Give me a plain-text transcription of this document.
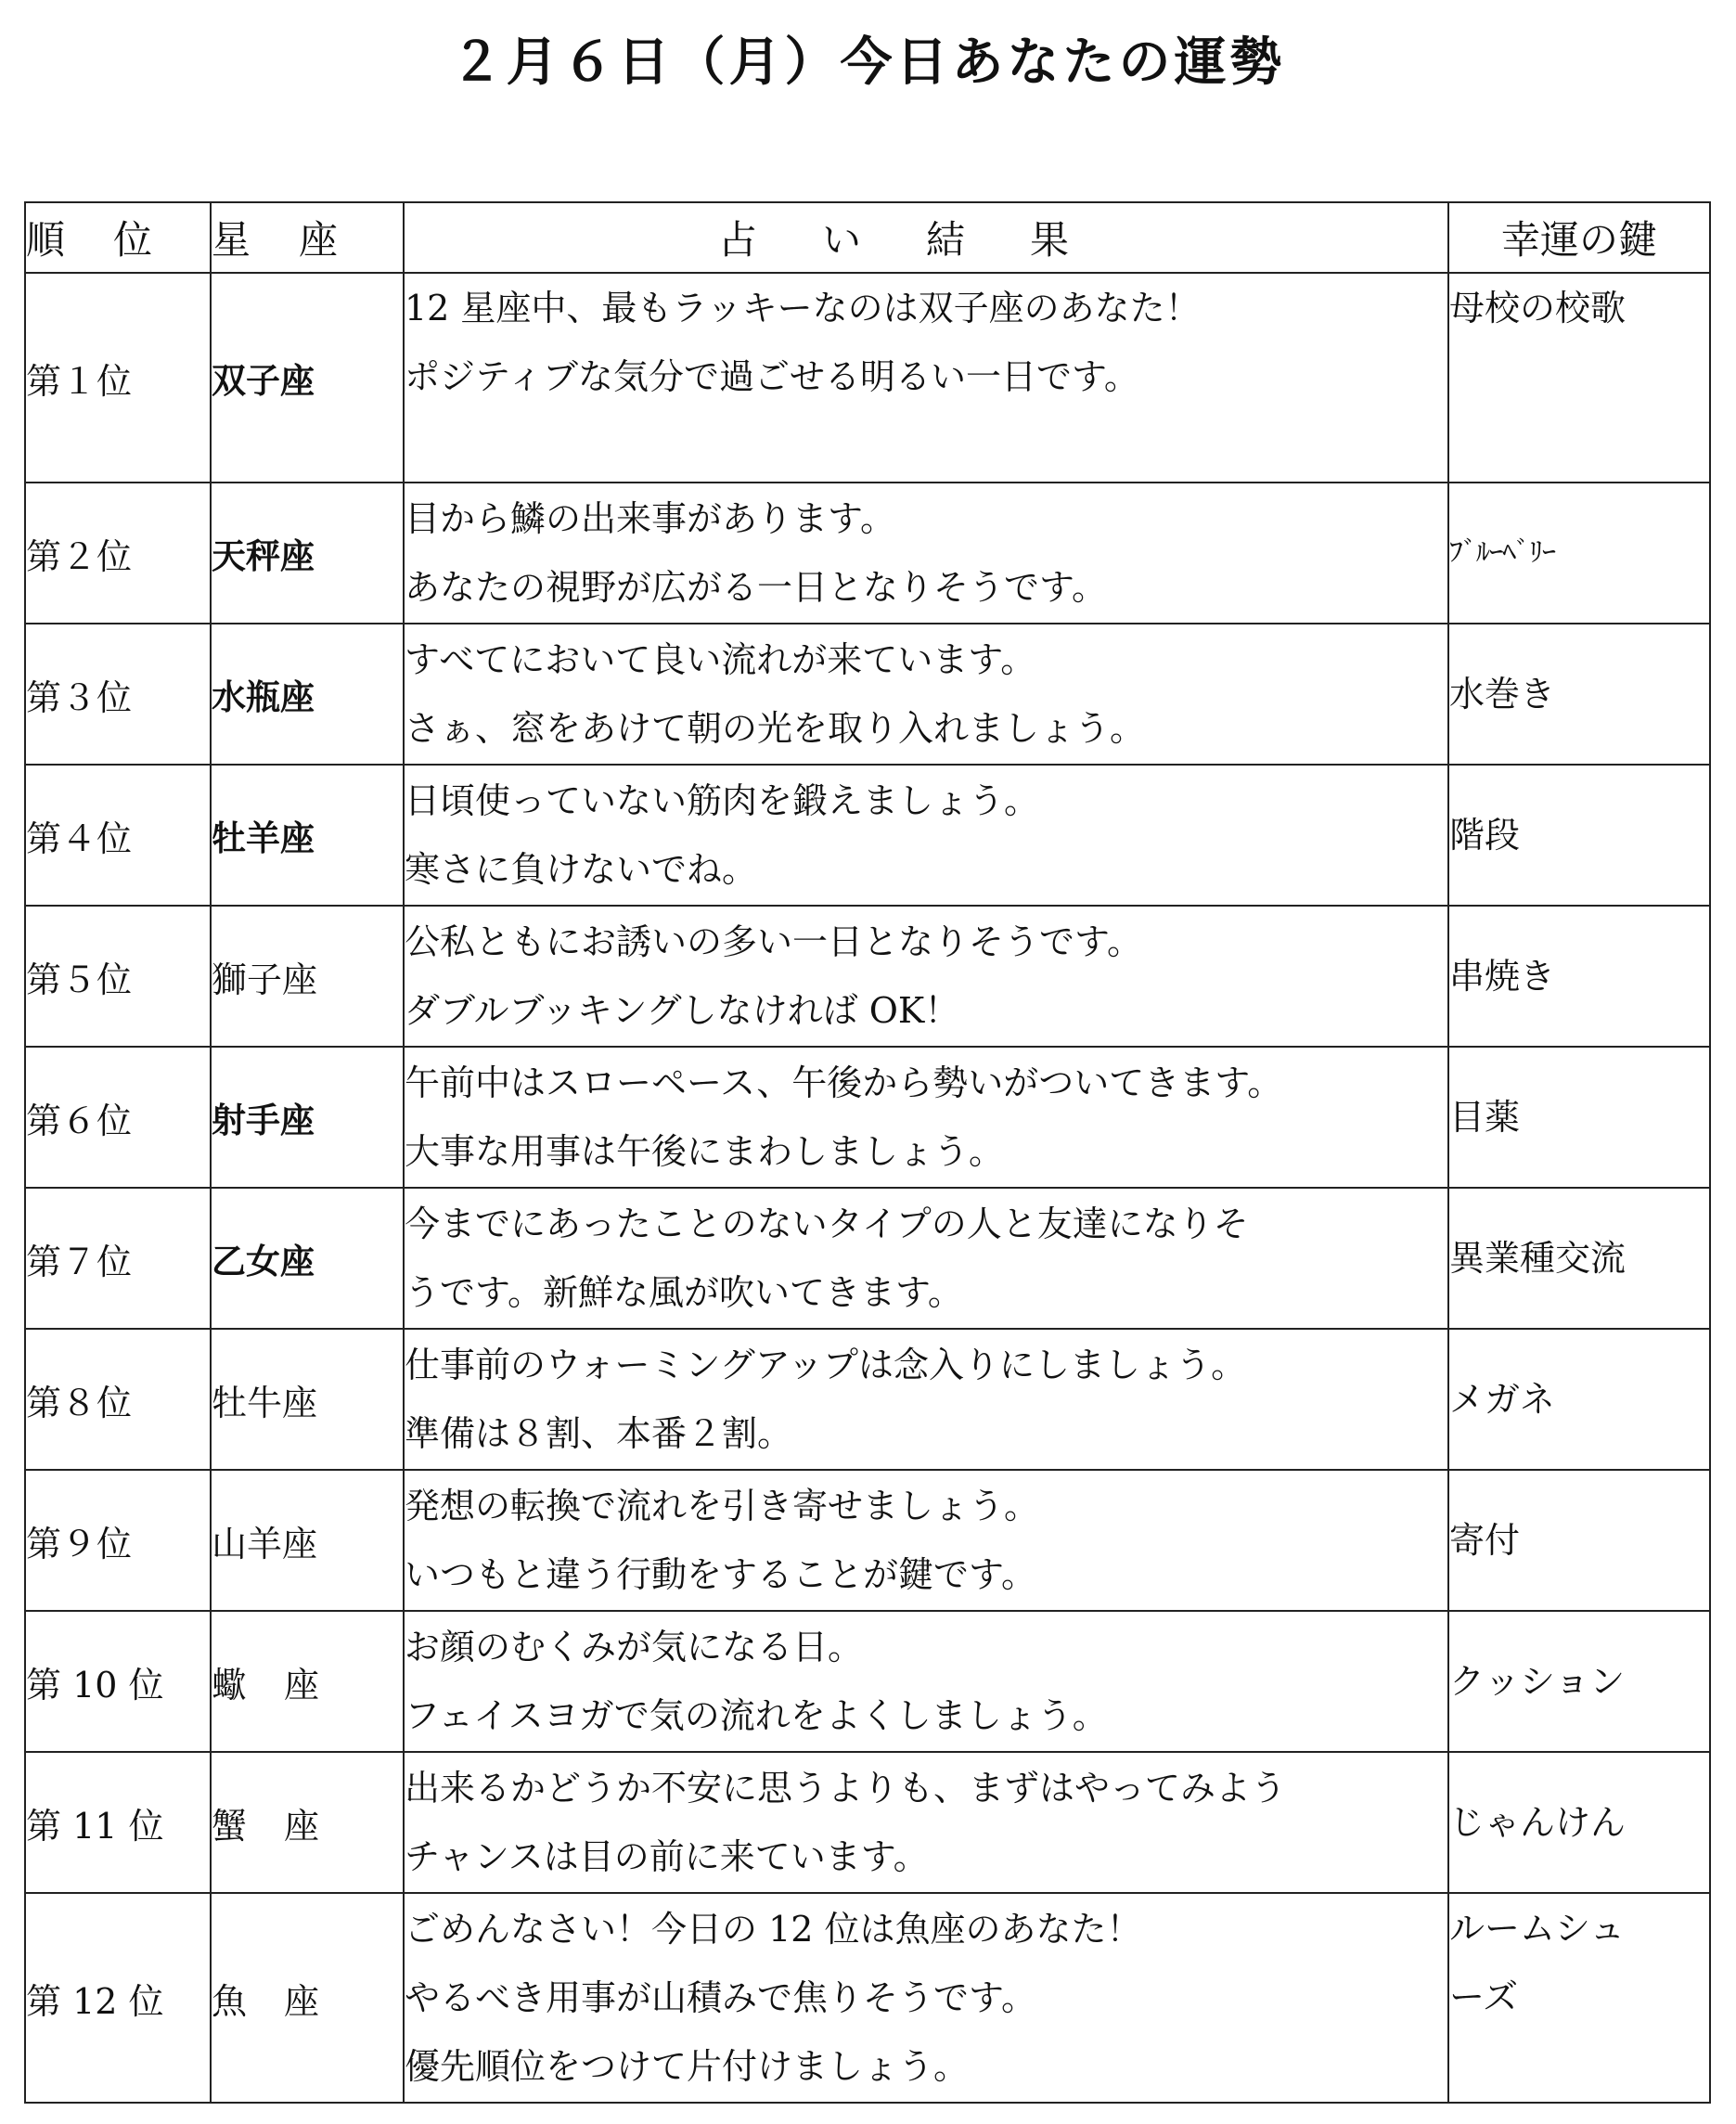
２月６日（月）今日あなたの運勢
順位	星座	占い結果	幸運の鍵
第１位	双子座	12 星座中、最もラッキーなのは双子座のあなた！
ポジティブな気分で過ごせる明るい一日です。	母校の校歌
第２位	天秤座	目から鱗の出来事があります。
あなたの視野が広がる一日となりそうです。	ﾌﾞﾙｰﾍﾞﾘｰ
第３位	水瓶座	すべてにおいて良い流れが来ています。
さぁ、窓をあけて朝の光を取り入れましょう。	水巻き
第４位	牡羊座	日頃使っていない筋肉を鍛えましょう。
寒さに負けないでね。	階段
第５位	獅子座	公私ともにお誘いの多い一日となりそうです。
ダブルブッキングしなければ OK！	串焼き
第６位	射手座	午前中はスローペース、午後から勢いがついてきます。
大事な用事は午後にまわしましょう。	目薬
第７位	乙女座	今までにあったことのないタイプの人と友達になりそ
うです。新鮮な風が吹いてきます。	異業種交流
第８位	牡牛座	仕事前のウォーミングアップは念入りにしましょう。
準備は８割、本番２割。	メガネ
第９位	山羊座	発想の転換で流れを引き寄せましょう。
いつもと違う行動をすることが鍵です。	寄付
第 10 位	蠍座	お顔のむくみが気になる日。
フェイスヨガで気の流れをよくしましょう。	クッション
第 11 位	蟹座	出来るかどうか不安に思うよりも、まずはやってみよう
チャンスは目の前に来ています。	じゃんけん
第 12 位	魚座	ごめんなさい！今日の 12 位は魚座のあなた！
やるべき用事が山積みで焦りそうです。
優先順位をつけて片付けましょう。	ルームシュ
ーズ
